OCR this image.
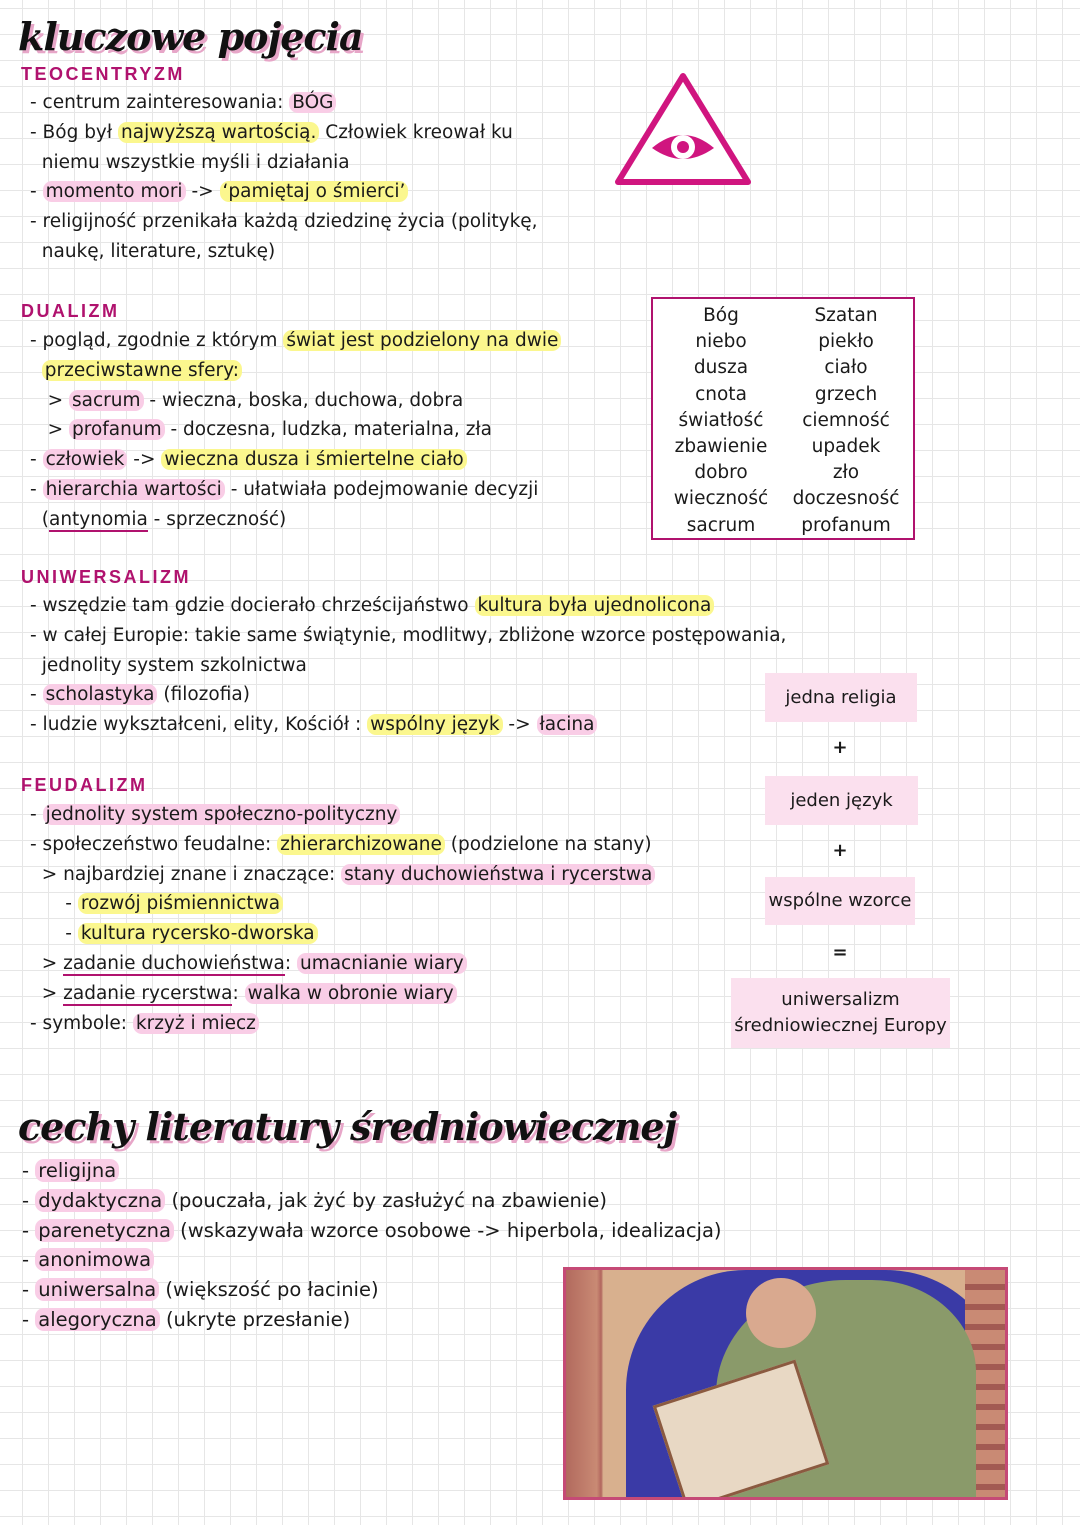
kluczowe pojęcia
TEOCENTRYZM
- centrum zainteresowania: BÓG
- Bóg był najwyższą wartością. Człowiek kreował ku
niemu wszystkie myśli i działania
- momento mori -> ‘pamiętaj o śmierci’
- religijność przenikała każdą dziedzinę życia (politykę,
naukę, literature, sztukę)
DUALIZM
- pogląd, zgodnie z którym świat jest podzielony na dwie
przeciwstawne sfery:
> sacrum - wieczna, boska, duchowa, dobra
> profanum - doczesna, ludzka, materialna, zła
- człowiek -> wieczna dusza i śmiertelne ciało
- hierarchia wartości - ułatwiała podejmowanie decyzji
(antynomia - sprzeczność)
Bóg
niebo
dusza
cnota
światłość
zbawienie
dobro
wieczność
sacrum
Szatan
piekło
ciało
grzech
ciemność
upadek
zło
doczesność
profanum
UNIWERSALIZM
- wszędzie tam gdzie docierało chrześcijaństwo kultura była ujednolicona
- w całej Europie: takie same świątynie, modlitwy, zbliżone wzorce postępowania,
jednolity system szkolnictwa
- scholastyka (filozofia)
- ludzie wykształceni, elity, Kościół : wspólny język -> łacina
jedna religia
+
jeden język
+
wspólne wzorce
=
uniwersalizm
średniowiecznej Europy
FEUDALIZM
- jednolity system społeczno-polityczny
- społeczeństwo feudalne: zhierarchizowane (podzielone na stany)
> najbardziej znane i znaczące: stany duchowieństwa i rycerstwa
- rozwój piśmiennictwa
- kultura rycersko-dworska
> zadanie duchowieństwa: umacnianie wiary
> zadanie rycerstwa: walka w obronie wiary
- symbole: krzyż i miecz
cechy literatury średniowiecznej
- religijna
- dydaktyczna (pouczała, jak żyć by zasłużyć na zbawienie)
- parenetyczna (wskazywała wzorce osobowe -> hiperbola, idealizacja)
- anonimowa
- uniwersalna (większość po łacinie)
- alegoryczna (ukryte przesłanie)
